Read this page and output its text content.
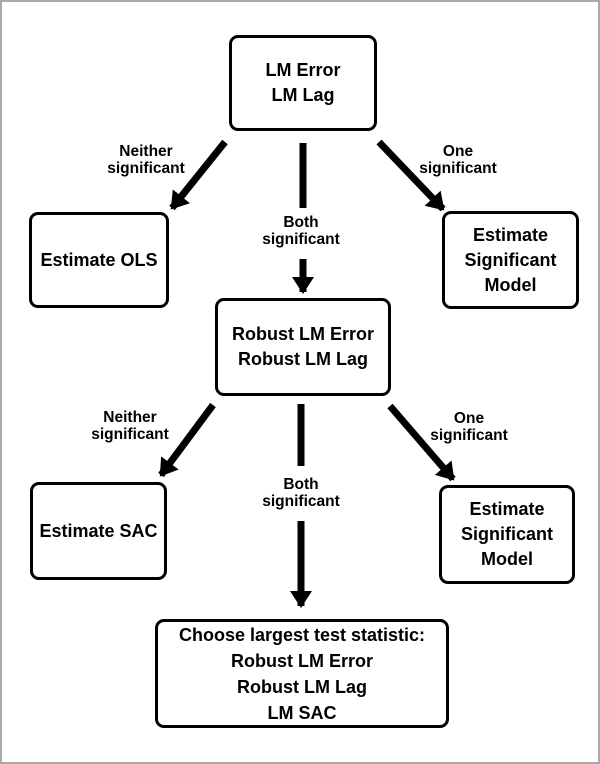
LM Error
LM Lag
Estimate OLS
Estimate
Significant
Model
Robust LM Error
Robust LM Lag
Estimate SAC
Estimate
Significant
Model
Choose largest test statistic:
Robust LM Error
Robust LM Lag
LM SAC
Neither
significant
Both
significant
One
significant
Neither
significant
Both
significant
One
significant
